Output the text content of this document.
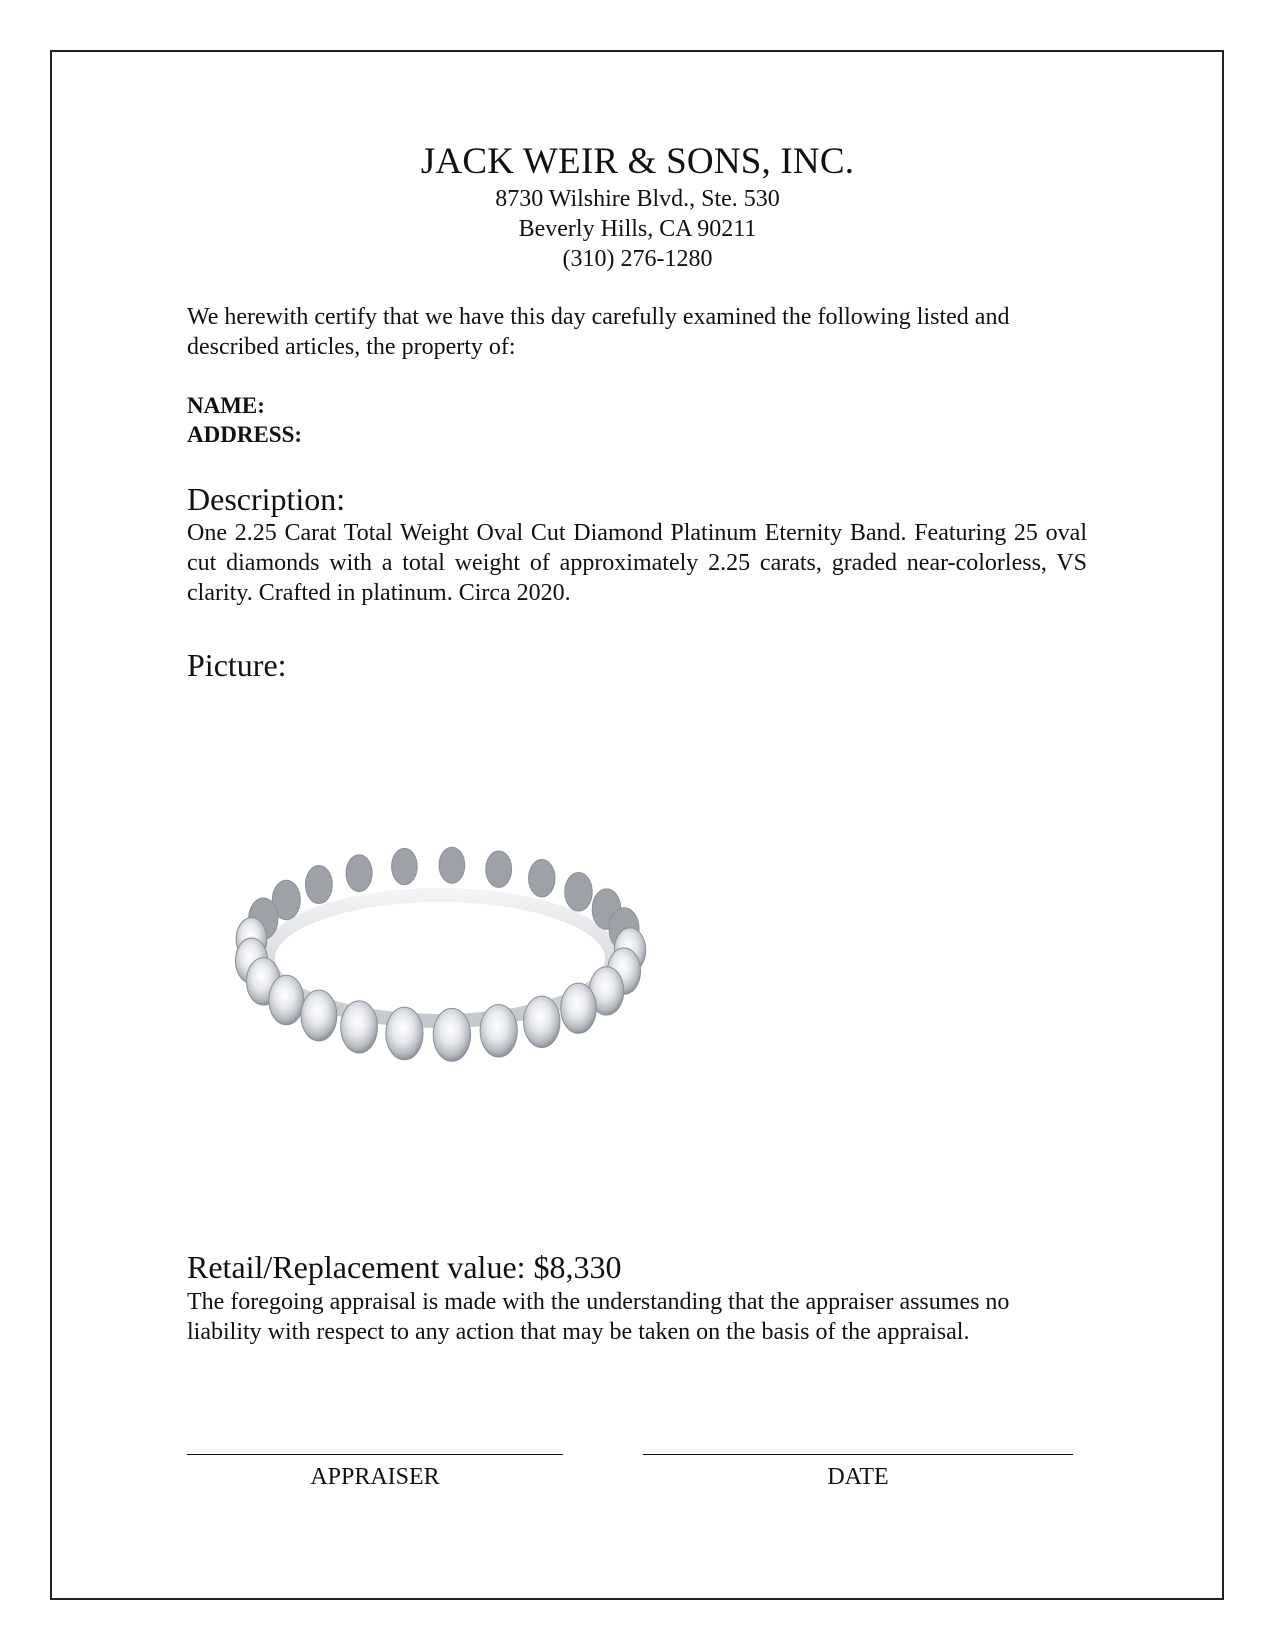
JACK WEIR & SONS, INC.
8730 Wilshire Blvd., Ste. 530
Beverly Hills, CA 90211
(310) 276-1280
We herewith certify that we have this day carefully examined the following listed and described articles, the property of:
NAME:
ADDRESS:
Description:
One 2.25 Carat Total Weight Oval Cut Diamond Platinum Eternity Band. Featuring 25 oval cut diamonds with a total weight of approximately 2.25 carats, graded near-colorless, VS clarity. Crafted in platinum. Circa 2020.
Picture:
Retail/Replacement value: $8,330
The foregoing appraisal is made with the understanding that the appraiser assumes no liability with respect to any action that may be taken on the basis of the appraisal.
APPRAISER	DATE
